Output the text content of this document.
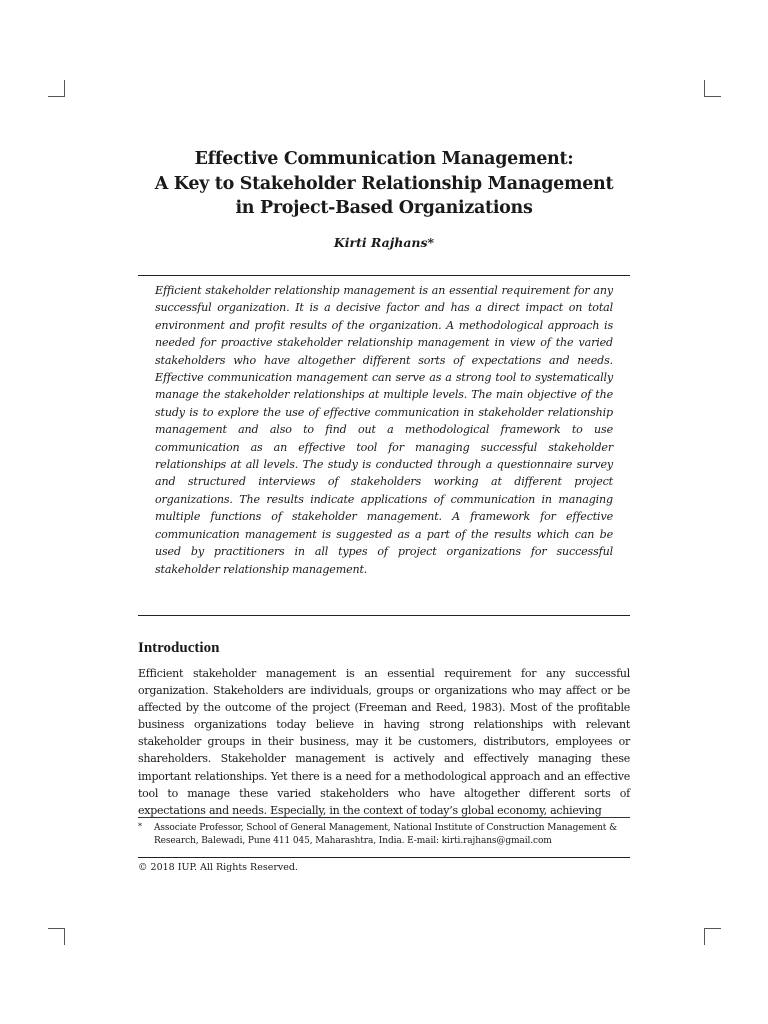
Effective Communication Management:
A Key to Stakeholder Relationship Management
in Project-Based Organizations
Kirti Rajhans*
Efficient stakeholder relationship management is an essential requirement for any successful organization. It is a decisive factor and has a direct impact on total environment and profit results of the organization. A methodological approach is needed for proactive stakeholder relationship management in view of the varied stakeholders who have altogether different sorts of expectations and needs. Effective communication management can serve as a strong tool to systematically manage the stakeholder relationships at multiple levels. The main objective of the study is to explore the use of effective communication in stakeholder relationship management and also to find out a methodological framework to use communication as an effective tool for managing successful stakeholder relationships at all levels. The study is conducted through a questionnaire survey and structured interviews of stakeholders working at different project organizations. The results indicate applications of communication in managing multiple functions of stakeholder management. A framework for effective communication management is suggested as a part of the results which can be used by practitioners in all types of project organizations for successful stakeholder relationship management.
Introduction
Efficient stakeholder management is an essential requirement for any successful organization. Stakeholders are individuals, groups or organizations who may affect or be affected by the outcome of the project (Freeman and Reed, 1983). Most of the profitable business organizations today believe in having strong relationships with relevant stakeholder groups in their business, may it be customers, distributors, employees or shareholders. Stakeholder management is actively and effectively managing these important relationships. Yet there is a need for a methodological approach and an effective tool to manage these varied stakeholders who have altogether different sorts of expectations and needs. Especially, in the context of today’s global economy, achieving
* Associate Professor, School of General Management, National Institute of Construction Management & Research, Balewadi, Pune 411 045, Maharashtra, India. E-mail: kirti.rajhans@gmail.com
© 2018 IUP. All Rights Reserved.
